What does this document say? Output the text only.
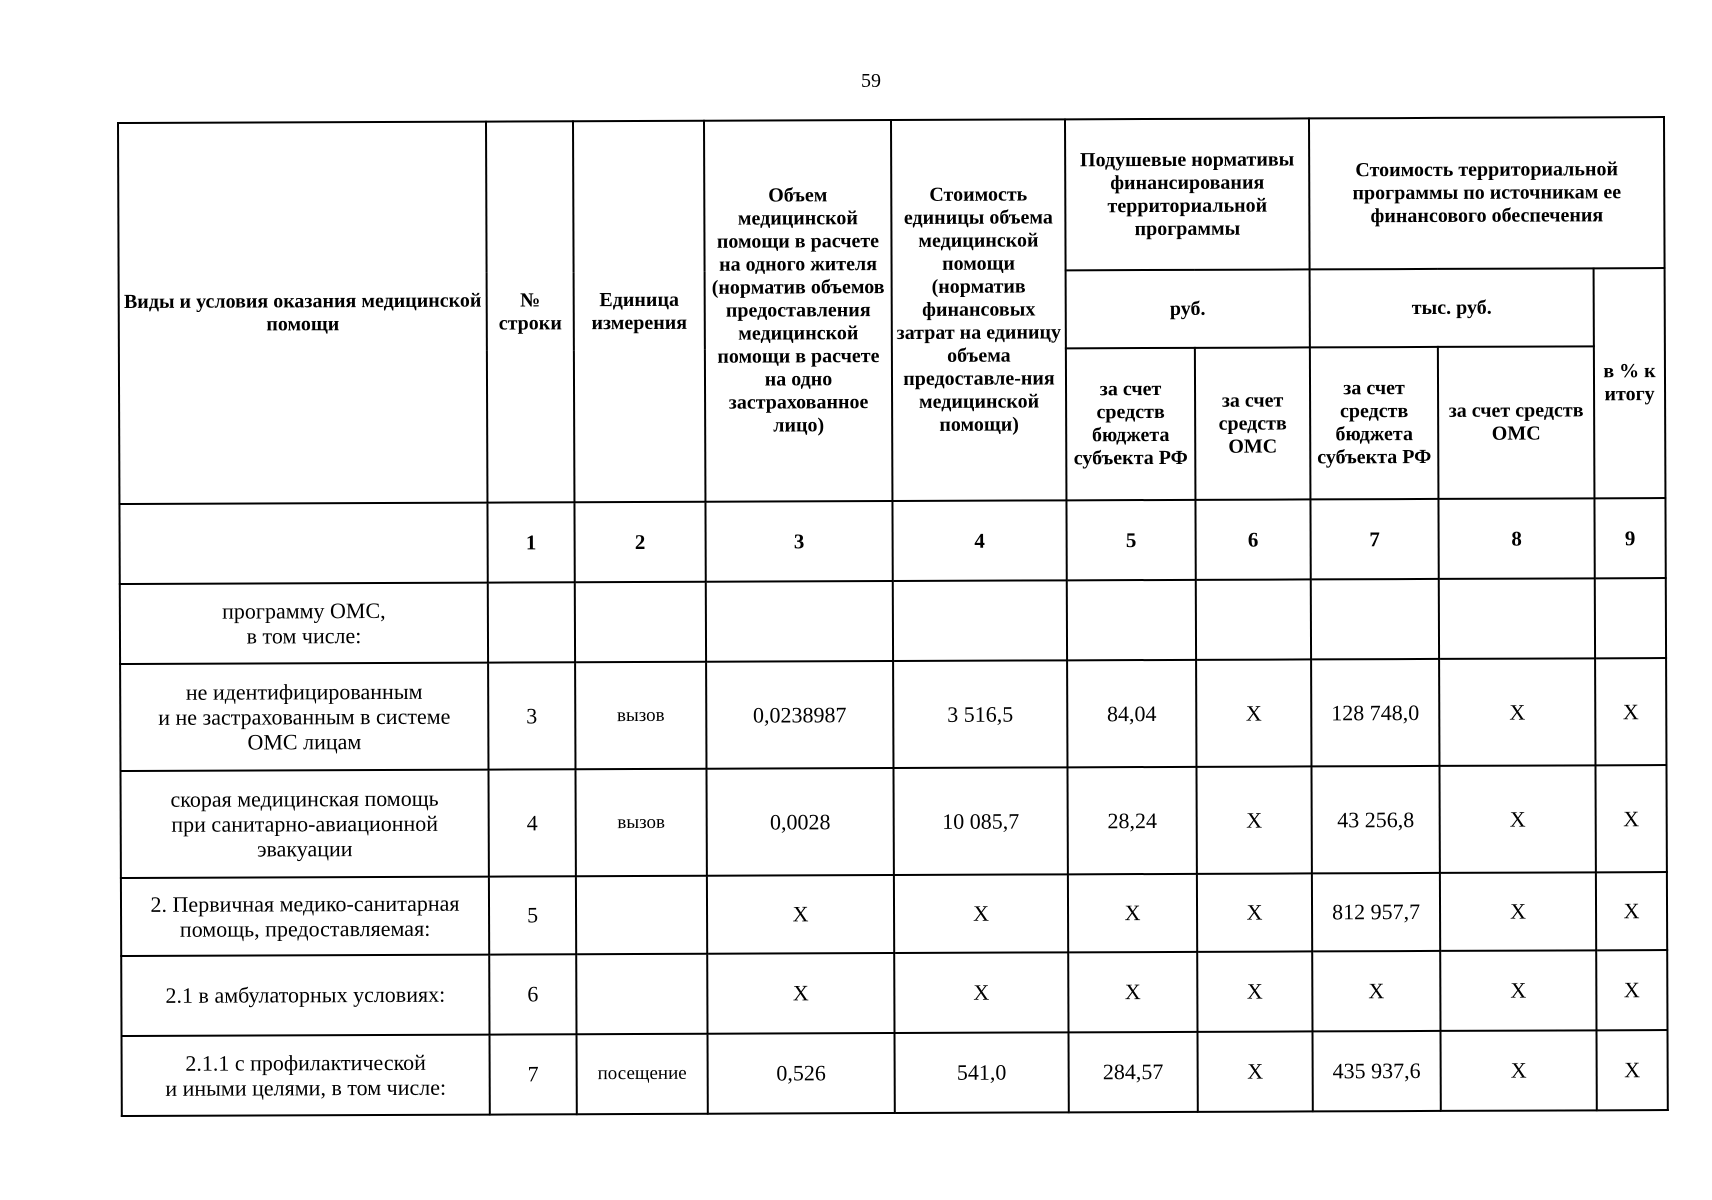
59
Виды и условия оказания медицинской помощи	№ строки	Единица измерения	Объем медицинской помощи в расчете на одного жителя (норматив объемов предоставления медицинской помощи в расчете на одно застрахованное лицо)	Стоимость единицы объема медицинской помощи (норматив финансовых затрат на единицу объема предоставле-ния медицинской помощи)	Подушевые нормативы финансирования территориальной программы		Стоимость территориальной программы по источникам ее финансового обеспечения		
					руб.		тыс. руб.		в % к итогу
					за счет средств бюджета субъекта РФ	за счет средств ОМС	за счет средств бюджета субъекта РФ	за счет средств ОМС	
	1	2	3	4	5	6	7	8	9
программу ОМС,
в том числе:									
не идентифицированным
и не застрахованным в системе
ОМС лицам	3	вызов	0,0238987	3 516,5	84,04	X	128 748,0	X	X
скорая медицинская помощь
при санитарно-авиационной
эвакуации	4	вызов	0,0028	10 085,7	28,24	X	43 256,8	X	X
2. Первичная медико-санитарная
помощь, предоставляемая:	5		X	X	X	X	812 957,7	X	X
2.1 в амбулаторных условиях:	6		X	X	X	X	X	X	X
2.1.1 с профилактической
и иными целями, в том числе:	7	посещение	0,526	541,0	284,57	X	435 937,6	X	X
